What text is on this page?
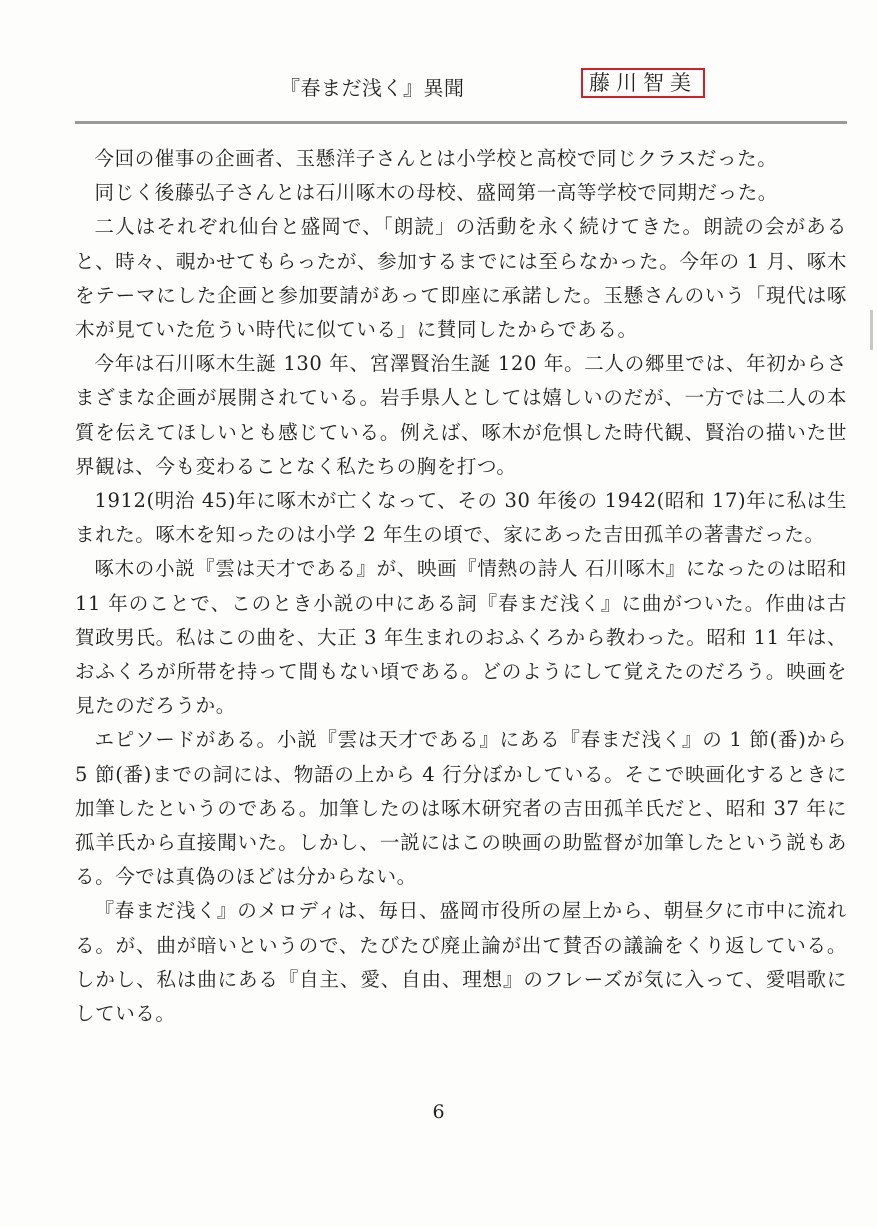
『春まだ浅く』異聞	藤川智美

今回の催事の企画者、玉懸洋子さんとは小学校と高校で同じクラスだった。

同じく後藤弘子さんとは石川啄木の母校、盛岡第一高等学校で同期だった。

二人はそれぞれ仙台と盛岡で、「朗読」の活動を永く続けてきた。朗読の会があると、時々、覗かせてもらったが、参加するまでには至らなかった。今年の 1 月、啄木をテーマにした企画と参加要請があって即座に承諾した。玉懸さんのいう「現代は啄木が見ていた危うい時代に似ている」に賛同したからである。

今年は石川啄木生誕 130 年、宮澤賢治生誕 120 年。二人の郷里では、年初からさまざまな企画が展開されている。岩手県人としては嬉しいのだが、一方では二人の本質を伝えてほしいとも感じている。例えば、啄木が危惧した時代観、賢治の描いた世界観は、今も変わることなく私たちの胸を打つ。

1912(明治 45)年に啄木が亡くなって、その 30 年後の 1942(昭和 17)年に私は生まれた。啄木を知ったのは小学 2 年生の頃で、家にあった吉田孤羊の著書だった。

啄木の小説『雲は天才である』が、映画『情熱の詩人 石川啄木』になったのは昭和 11 年のことで、このとき小説の中にある詞『春まだ浅く』に曲がついた。作曲は古賀政男氏。私はこの曲を、大正 3 年生まれのおふくろから教わった。昭和 11 年は、おふくろが所帯を持って間もない頃である。どのようにして覚えたのだろう。映画を見たのだろうか。

エピソードがある。小説『雲は天才である』にある『春まだ浅く』の 1 節(番)から 5 節(番)までの詞には、物語の上から 4 行分ぼかしている。そこで映画化するときに加筆したというのである。加筆したのは啄木研究者の吉田孤羊氏だと、昭和 37 年に孤羊氏から直接聞いた。しかし、一説にはこの映画の助監督が加筆したという説もある。今では真偽のほどは分からない。

『春まだ浅く』のメロディは、毎日、盛岡市役所の屋上から、朝昼夕に市中に流れる。が、曲が暗いというので、たびたび廃止論が出て賛否の議論をくり返している。しかし、私は曲にある『自主、愛、自由、理想』のフレーズが気に入って、愛唱歌にしている。

6
